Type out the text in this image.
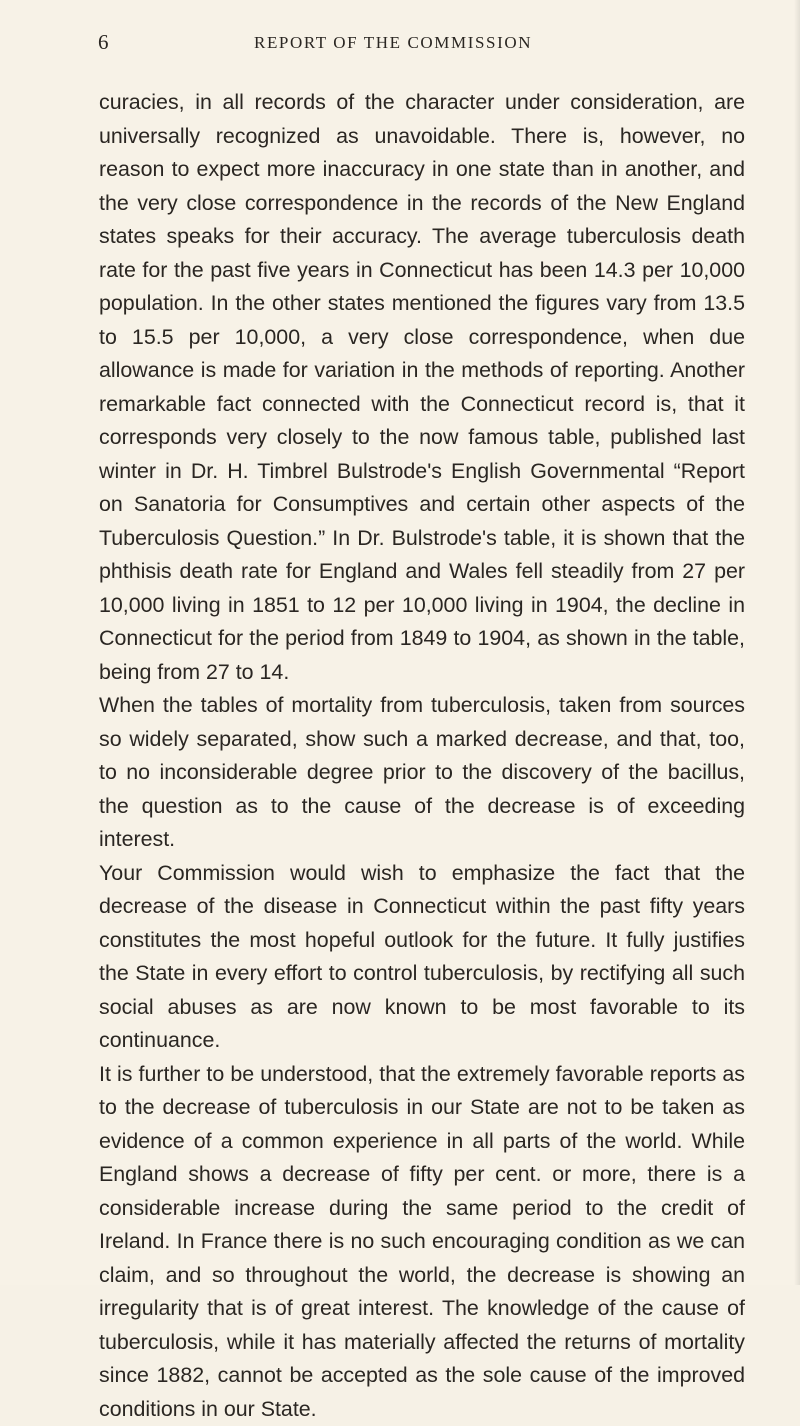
6	REPORT OF THE COMMISSION

curacies, in all records of the character under consideration, are universally recognized as unavoidable. There is, however, no reason to expect more inaccuracy in one state than in another, and the very close correspondence in the records of the New England states speaks for their accuracy. The average tuberculosis death rate for the past five years in Connecticut has been 14.3 per 10,000 population. In the other states mentioned the figures vary from 13.5 to 15.5 per 10,000, a very close correspondence, when due allowance is made for variation in the methods of reporting. Another remarkable fact connected with the Connecticut record is, that it corresponds very closely to the now famous table, published last winter in Dr. H. Timbrel Bulstrode's English Governmental “Report on Sanatoria for Consumptives and certain other aspects of the Tuberculosis Question.” In Dr. Bulstrode's table, it is shown that the phthisis death rate for England and Wales fell steadily from 27 per 10,000 living in 1851 to 12 per 10,000 living in 1904, the decline in Connecticut for the period from 1849 to 1904, as shown in the table, being from 27 to 14.

When the tables of mortality from tuberculosis, taken from sources so widely separated, show such a marked decrease, and that, too, to no inconsiderable degree prior to the discovery of the bacillus, the question as to the cause of the decrease is of exceeding interest.

Your Commission would wish to emphasize the fact that the decrease of the disease in Connecticut within the past fifty years constitutes the most hopeful outlook for the future. It fully justifies the State in every effort to control tuberculosis, by rectifying all such social abuses as are now known to be most favorable to its continuance.

It is further to be understood, that the extremely favorable reports as to the decrease of tuberculosis in our State are not to be taken as evidence of a common experience in all parts of the world. While England shows a decrease of fifty per cent. or more, there is a considerable increase during the same period to the credit of Ireland. In France there is no such encouraging condition as we can claim, and so throughout the world, the decrease is showing an irregularity that is of great interest. The knowledge of the cause of tuberculosis, while it has materially affected the returns of mortality since 1882, cannot be accepted as the sole cause of the improved conditions in our State.
